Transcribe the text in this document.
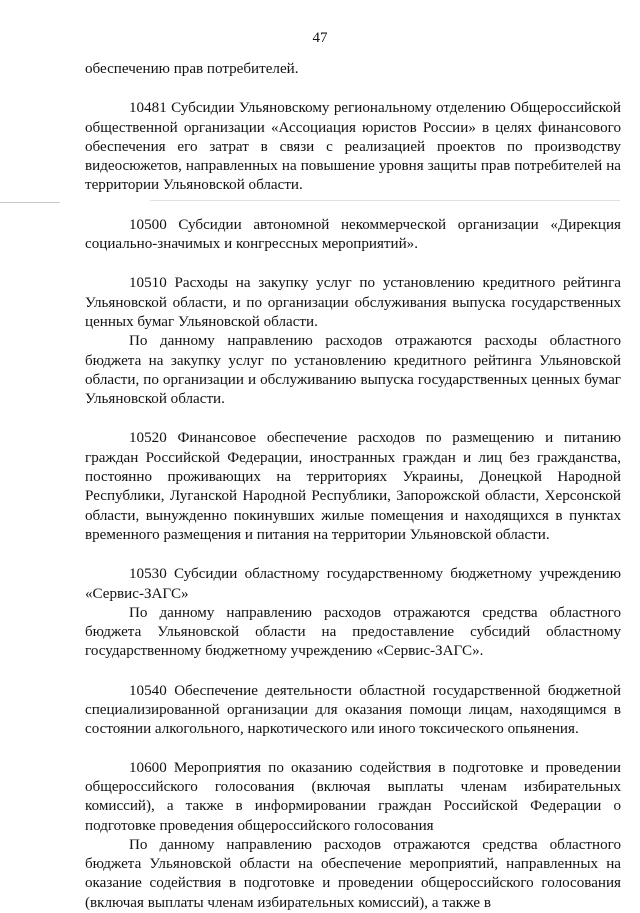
47

обеспечению прав потребителей.

10481 Субсидии Ульяновскому региональному отделению Общероссийской общественной организации «Ассоциация юристов России» в целях финансового обеспечения его затрат в связи с реализацией проектов по производству видеосюжетов, направленных на повышение уровня защиты прав потребителей на территории Ульяновской области.

10500 Субсидии автономной некоммерческой организации «Дирекция социально-значимых и конгрессных мероприятий».

10510 Расходы на закупку услуг по установлению кредитного рейтинга Ульяновской области, и по организации обслуживания выпуска государственных ценных бумаг Ульяновской области.

По данному направлению расходов отражаются расходы областного бюджета на закупку услуг по установлению кредитного рейтинга Ульяновской области, по организации и обслуживанию выпуска государственных ценных бумаг Ульяновской области.

10520 Финансовое обеспечение расходов по размещению и питанию граждан Российской Федерации, иностранных граждан и лиц без гражданства, постоянно проживающих на территориях Украины, Донецкой Народной Республики, Луганской Народной Республики, Запорожской области, Херсонской области, вынужденно покинувших жилые помещения и находящихся в пунктах временного размещения и питания на территории Ульяновской области.

10530 Субсидии областному государственному бюджетному учреждению «Сервис-ЗАГС»

По данному направлению расходов отражаются средства областного бюджета Ульяновской области на предоставление субсидий областному государственному бюджетному учреждению «Сервис-ЗАГС».

10540 Обеспечение деятельности областной государственной бюджетной специализированной организации для оказания помощи лицам, находящимся в состоянии алкогольного, наркотического или иного токсического опьянения.

10600 Мероприятия по оказанию содействия в подготовке и проведении общероссийского голосования (включая выплаты членам избирательных комиссий), а также в информировании граждан Российской Федерации о подготовке проведения общероссийского голосования

По данному направлению расходов отражаются средства областного бюджета Ульяновской области на обеспечение мероприятий, направленных на оказание содействия в подготовке и проведении общероссийского голосования (включая выплаты членам избирательных комиссий), а также в
